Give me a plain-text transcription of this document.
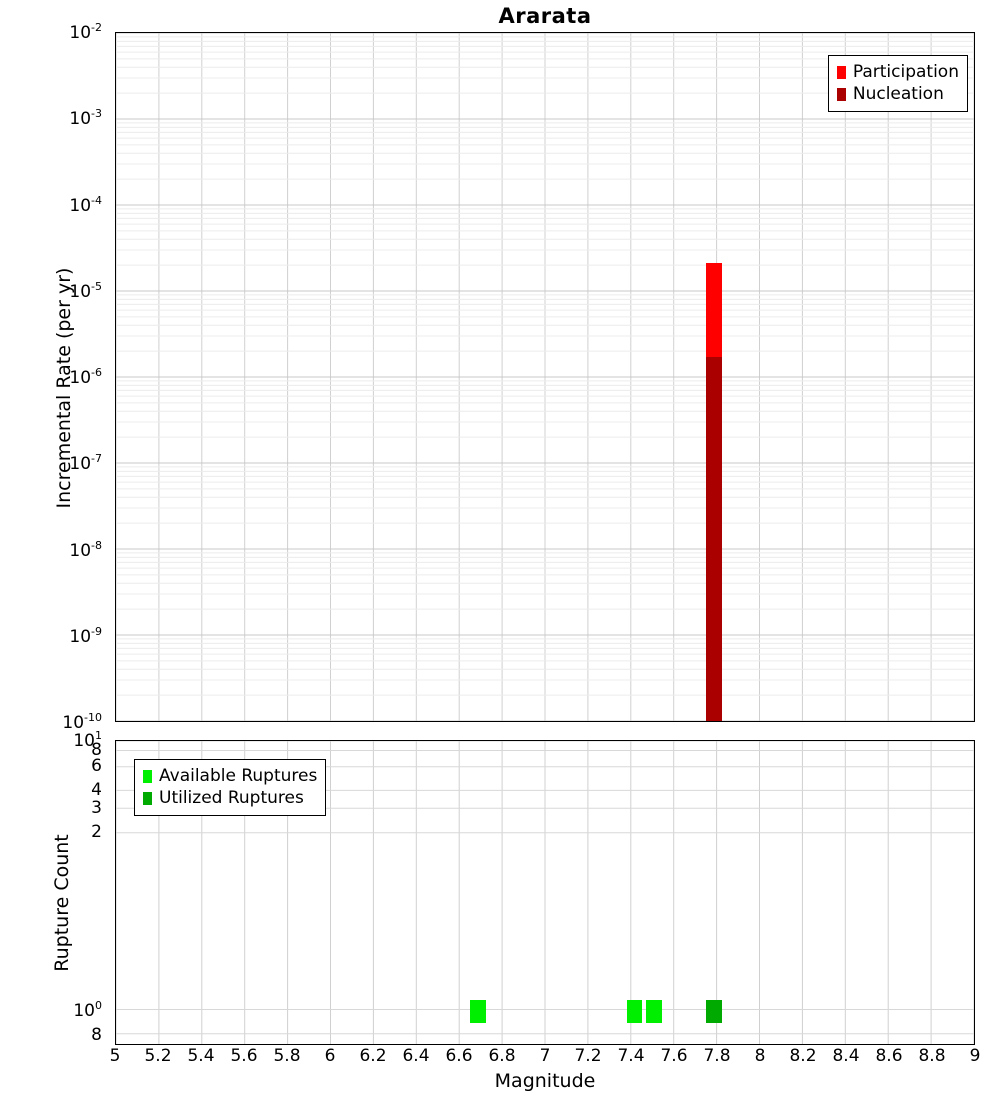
Ararata
Participation
Nucleation
Available Ruptures
Utilized Ruptures
$10^{-2}$
$10^{-3}$
$10^{-4}$
$10^{-5}$
$10^{-6}$
$10^{-7}$
$10^{-8}$
$10^{-9}$
$10^{-10}$
$10^1$
8
6
4
3
2
$10^0$
8
5 5.2 5.4 5.6 5.8 6 6.2 6.4 6.6 6.8 7 7.2 7.4 7.6 7.8 8 8.2 8.4 8.6 8.8 9
Magnitude
Incremental Rate (per yr)
Rupture Count
